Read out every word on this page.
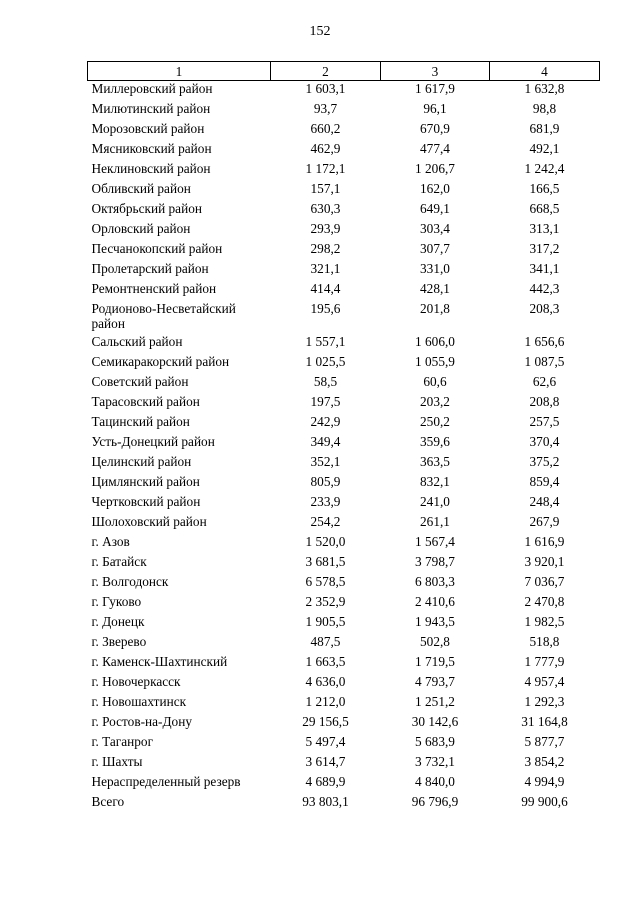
152
1	2	3	4
Миллеровский район	1 603,1	1 617,9	1 632,8
Милютинский район	93,7	96,1	98,8
Морозовский район	660,2	670,9	681,9
Мясниковский район	462,9	477,4	492,1
Неклиновский район	1 172,1	1 206,7	1 242,4
Обливский район	157,1	162,0	166,5
Октябрьский район	630,3	649,1	668,5
Орловский район	293,9	303,4	313,1
Песчанокопский район	298,2	307,7	317,2
Пролетарский район	321,1	331,0	341,1
Ремонтненский район	414,4	428,1	442,3
Родионово-Несветайский район	195,6	201,8	208,3
Сальский район	1 557,1	1 606,0	1 656,6
Семикаракорский район	1 025,5	1 055,9	1 087,5
Советский район	58,5	60,6	62,6
Тарасовский район	197,5	203,2	208,8
Тацинский район	242,9	250,2	257,5
Усть-Донецкий район	349,4	359,6	370,4
Целинский район	352,1	363,5	375,2
Цимлянский район	805,9	832,1	859,4
Чертковский район	233,9	241,0	248,4
Шолоховский район	254,2	261,1	267,9
г. Азов	1 520,0	1 567,4	1 616,9
г. Батайск	3 681,5	3 798,7	3 920,1
г. Волгодонск	6 578,5	6 803,3	7 036,7
г. Гуково	2 352,9	2 410,6	2 470,8
г. Донецк	1 905,5	1 943,5	1 982,5
г. Зверево	487,5	502,8	518,8
г. Каменск-Шахтинский	1 663,5	1 719,5	1 777,9
г. Новочеркасск	4 636,0	4 793,7	4 957,4
г. Новошахтинск	1 212,0	1 251,2	1 292,3
г. Ростов-на-Дону	29 156,5	30 142,6	31 164,8
г. Таганрог	5 497,4	5 683,9	5 877,7
г. Шахты	3 614,7	3 732,1	3 854,2
Нераспределенный резерв	4 689,9	4 840,0	4 994,9
Всего	93 803,1	96 796,9	99 900,6
